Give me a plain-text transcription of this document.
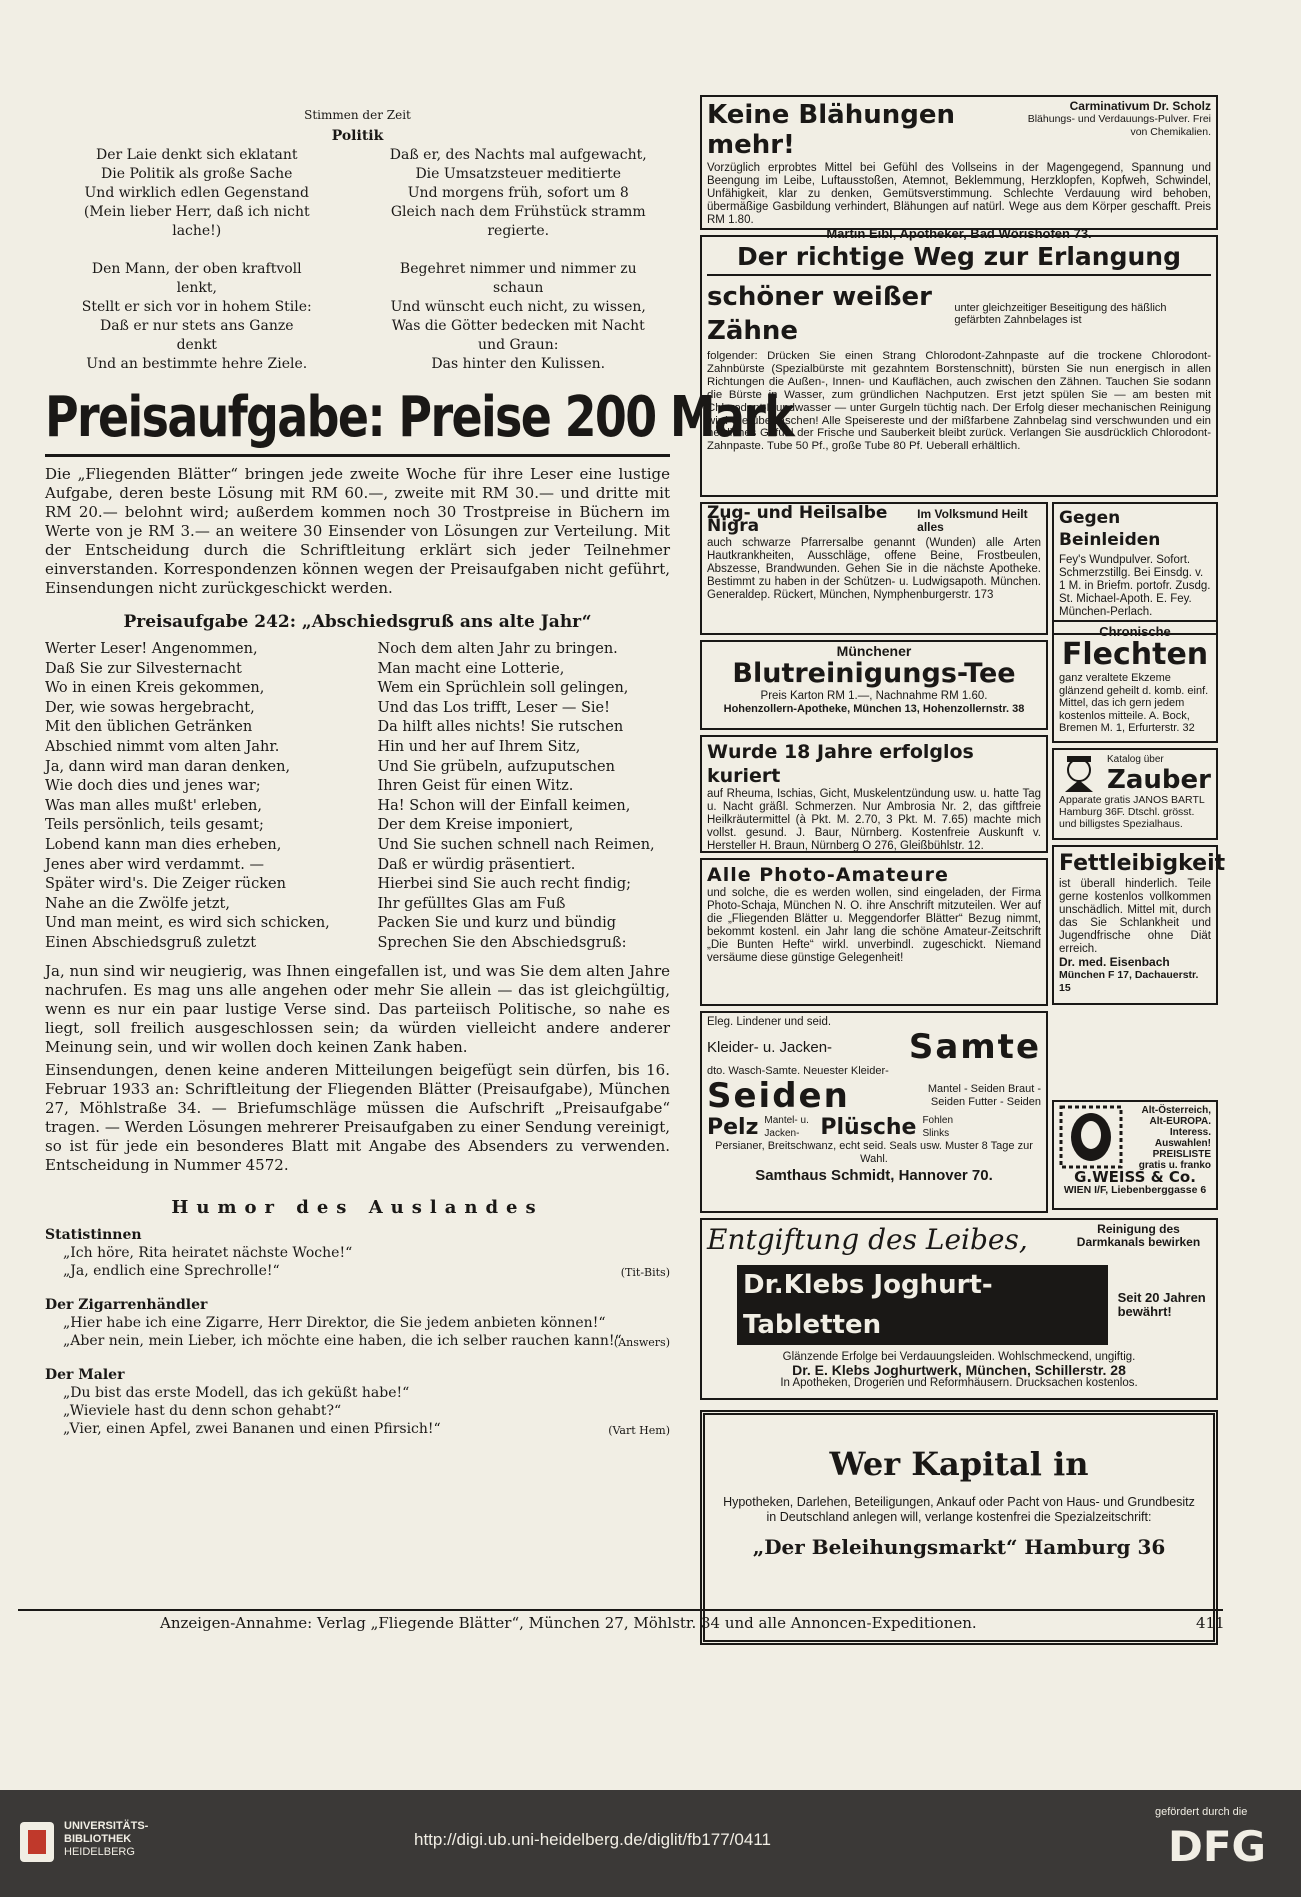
Stimmen der Zeit
Politik
Der Laie denkt sich eklatant
Die Politik als große Sache
Und wirklich edlen Gegenstand
(Mein lieber Herr, daß ich nicht
lache!)

Den Mann, der oben kraftvoll
lenkt,
Stellt er sich vor in hohem Stile:
Daß er nur stets ans Ganze
denkt
Und an bestimmte hehre Ziele.
Daß er, des Nachts mal aufgewacht,
Die Umsatzsteuer meditierte
Und morgens früh, sofort um 8
Gleich nach dem Frühstück stramm
regierte.

Begehret nimmer und nimmer zu
schaun
Und wünscht euch nicht, zu wissen,
Was die Götter bedecken mit Nacht
und Graun:
Das hinter den Kulissen.
Preisaufgabe: Preise 200 Mark

Die „Fliegenden Blätter“ bringen jede zweite Woche für ihre Leser eine lustige Aufgabe, deren beste Lösung mit RM 60.—, zweite mit RM 30.— und dritte mit RM 20.— belohnt wird; außerdem kommen noch 30 Trostpreise in Büchern im Werte von je RM 3.— an weitere 30 Einsender von Lösungen zur Verteilung. Mit der Entscheidung durch die Schriftleitung erklärt sich jeder Teilnehmer einverstanden. Korrespondenzen können wegen der Preisaufgaben nicht geführt, Einsendungen nicht zurückgeschickt werden.

Preisaufgabe 242: „Abschiedsgruß ans alte Jahr“
Werter Leser! Angenommen,
Daß Sie zur Silvesternacht
Wo in einen Kreis gekommen,
Der, wie sowas hergebracht,
Mit den üblichen Getränken
Abschied nimmt vom alten Jahr.
Ja, dann wird man daran denken,
Wie doch dies und jenes war;
Was man alles mußt' erleben,
Teils persönlich, teils gesamt;
Lobend kann man dies erheben,
Jenes aber wird verdammt. —
Später wird's. Die Zeiger rücken
Nahe an die Zwölfe jetzt,
Und man meint, es wird sich schicken,
Einen Abschiedsgruß zuletzt
Noch dem alten Jahr zu bringen.
Man macht eine Lotterie,
Wem ein Sprüchlein soll gelingen,
Und das Los trifft, Leser — Sie!
Da hilft alles nichts! Sie rutschen
Hin und her auf Ihrem Sitz,
Und Sie grübeln, aufzuputschen
Ihren Geist für einen Witz.
Ha! Schon will der Einfall keimen,
Der dem Kreise imponiert,
Und Sie suchen schnell nach Reimen,
Daß er würdig präsentiert.
Hierbei sind Sie auch recht findig;
Ihr gefülltes Glas am Fuß
Packen Sie und kurz und bündig
Sprechen Sie den Abschiedsgruß:

Ja, nun sind wir neugierig, was Ihnen eingefallen ist, und was Sie dem alten Jahre nachrufen. Es mag uns alle angehen oder mehr Sie allein — das ist gleichgültig, wenn es nur ein paar lustige Verse sind. Das parteiisch Politische, so nahe es liegt, soll freilich ausgeschlossen sein; da würden vielleicht andere anderer Meinung sein, und wir wollen doch keinen Zank haben.

Einsendungen, denen keine anderen Mitteilungen beigefügt sein dürfen, bis 16. Februar 1933 an: Schriftleitung der Fliegenden Blätter (Preisaufgabe), München 27, Möhlstraße 34. — Briefumschläge müssen die Aufschrift „Preisaufgabe“ tragen. — Werden Lösungen mehrerer Preisaufgaben zu einer Sendung vereinigt, so ist für jede ein besonderes Blatt mit Angabe des Absenders zu verwenden. Entscheidung in Nummer 4572.

Humor des Auslandes
Statistinnen
„Ich höre, Rita heiratet nächste Woche!“
„Ja, endlich eine Sprechrolle!“	(Tit-Bits)
Der Zigarrenhändler
„Hier habe ich eine Zigarre, Herr Direktor, die Sie jedem anbieten können!“
„Aber nein, mein Lieber, ich möchte eine haben, die ich selber rauchen kann!“
(Answers)
Der Maler
„Du bist das erste Modell, das ich geküßt habe!“
„Wieviele hast du denn schon gehabt?“
„Vier, einen Apfel, zwei Bananen und einen Pfirsich!“	(Vart Hem)
Keine Blähungen mehr!
Carminativum Dr. Scholz
Blähungs- und Verdauungs-Pulver. Frei von Chemikalien.
Vorzüglich erprobtes Mittel bei Gefühl des Vollseins in der Magengegend, Spannung und Beengung im Leibe, Luftausstoßen, Atemnot, Beklemmung, Herzklopfen, Kopfweh, Schwindel, Unfähigkeit, klar zu denken, Gemütsverstimmung. Schlechte Verdauung wird behoben, übermäßige Gasbildung verhindert, Blähungen auf natürl. Wege aus dem Körper geschafft. Preis RM 1.80.
Martin Eibl, Apotheker, Bad Wörishofen 73.
Der richtige Weg zur Erlangung
schöner weißer Zähne
unter gleichzeitiger Beseitigung des häßlich gefärbten Zahnbelages ist
folgender: Drücken Sie einen Strang Chlorodont-Zahnpaste auf die trockene Chlorodont-Zahnbürste (Spezialbürste mit gezahntem Borstenschnitt), bürsten Sie nun energisch in allen Richtungen die Außen-, Innen- und Kauflächen, auch zwischen den Zähnen. Tauchen Sie sodann die Bürste in Wasser, zum gründlichen Nachputzen. Erst jetzt spülen Sie — am besten mit Chlorodont-Mundwasser — unter Gurgeln tüchtig nach. Der Erfolg dieser mechanischen Reinigung wird Sie überraschen! Alle Speisereste und der mißfarbene Zahnbelag sind verschwunden und ein herrliches Gefühl der Frische und Sauberkeit bleibt zurück. Verlangen Sie ausdrücklich Chlorodont-Zahnpaste. Tube 50 Pf., große Tube 80 Pf. Ueberall erhältlich.
Zug- und Heilsalbe Nigra
Im Volksmund Heilt alles
auch schwarze Pfarrersalbe genannt (Wunden) alle Arten Hautkrankheiten, Ausschläge, offene Beine, Frostbeulen, Abszesse, Brandwunden. Gehen Sie in die nächste Apotheke. Bestimmt zu haben in der Schützen- u. Ludwigsapoth. München. Generaldep. Rückert, München, Nymphenburgerstr. 173
Gegen Beinleiden
Fey's Wundpulver. Sofort. Schmerzstillg. Bei Einsdg. v. 1 M. in Briefm. portofr. Zusdg. St. Michael-Apoth. E. Fey. München-Perlach.
Münchener
Blutreinigungs-Tee
Preis Karton RM 1.—, Nachnahme RM 1.60.
Hohenzollern-Apotheke, München 13, Hohenzollernstr. 38
Chronische
Flechten
ganz veraltete Ekzeme glänzend geheilt d. komb. einf. Mittel, das ich gern jedem kostenlos mitteile. A. Bock, Bremen M. 1, Erfurterstr. 32
Wurde 18 Jahre erfolglos kuriert
auf Rheuma, Ischias, Gicht, Muskelentzündung usw. u. hatte Tag u. Nacht gräßl. Schmerzen. Nur Ambrosia Nr. 2, das giftfreie Heilkräutermittel (à Pkt. M. 2.70, 3 Pkt. M. 7.65) machte mich vollst. gesund. J. Baur, Nürnberg. Kostenfreie Auskunft v. Hersteller H. Braun, Nürnberg O 276, Gleißbühlstr. 12.
Katalog über
Zauber
Apparate gratis JANOS BARTL Hamburg 36F. Dtschl. grösst. und billigstes Spezialhaus.
Alle Photo-Amateure
und solche, die es werden wollen, sind eingeladen, der Firma Photo-Schaja, München N. O. ihre Anschrift mitzuteilen. Wer auf die „Fliegenden Blätter u. Meggendorfer Blätter“ Bezug nimmt, bekommt kostenl. ein Jahr lang die schöne Amateur-Zeitschrift „Die Bunten Hefte“ wirkl. unverbindl. zugeschickt. Niemand versäume diese günstige Gelegenheit!
Fettleibigkeit
ist überall hinderlich. Teile gerne kostenlos vollkommen unschädlich. Mittel mit, durch das Sie Schlankheit und Jugendfrische ohne Diät erreich.
Dr. med. Eisenbach
München F 17, Dachauerstr. 15
Eleg. Lindener und seid.
Kleider- u. Jacken- Samte
dto. Wasch-Samte. Neuester Kleider-
Seiden	Mantel - Seiden Braut - Seiden Futter - Seiden
Pelz Mantel- u. Jacken- Plüsche Fohlen Slinks
Persianer, Breitschwanz, echt seid. Seals usw. Muster 8 Tage zur Wahl.
Samthaus Schmidt, Hannover 70.
Alt-Österreich, Alt-EUROPA. Interess. Auswahlen! PREISLISTE gratis u. franko
G.WEISS & Co.
WIEN I/F, Liebenberggasse 6
Entgiftung des Leibes,	Reinigung des Darmkanals bewirken
Dr.Klebs Joghurt-Tabletten
Seit 20 Jahren bewährt!
Glänzende Erfolge bei Verdauungsleiden. Wohlschmeckend, ungiftig.
Dr. E. Klebs Joghurtwerk, München, Schillerstr. 28
In Apotheken, Drogerien und Reformhäusern. Drucksachen kostenlos.
Wer Kapital in
Hypotheken, Darlehen, Beteiligungen, Ankauf oder Pacht von Haus- und Grundbesitz in Deutschland anlegen will, verlange kostenfrei die Spezialzeitschrift:
„Der Beleihungsmarkt“ Hamburg 36
Anzeigen-Annahme: Verlag „Fliegende Blätter“, München 27, Möhlstr. 34 und alle Annoncen-Expeditionen.	411
UNIVERSITÄTS-
BIBLIOTHEK
HEIDELBERG
http://digi.ub.uni-heidelberg.de/diglit/fb177/0411
gefördert durch die
DFG
